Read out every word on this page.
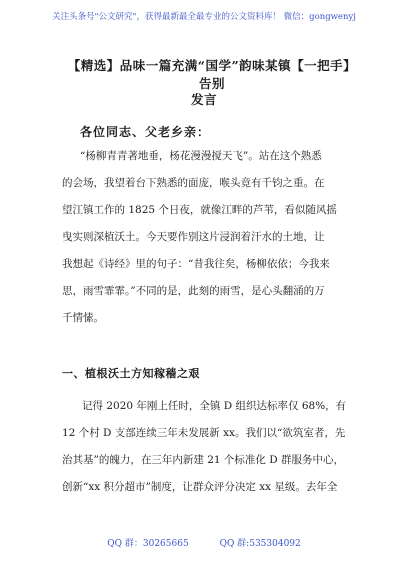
关注头条号"公文研究"，获得最新最全最专业的公文资料库！ 微信：gongwenyj
【精选】品味一篇充满“国学”韵味某镇【一把手】告别
发言
各位同志、父老乡亲：

“杨柳青青著地垂，杨花漫漫搅天飞”。站在这个熟悉

的会场，我望着台下熟悉的面庞，喉头竟有千钧之重。在

望江镇工作的 1825 个日夜，就像江畔的芦苇，看似随风摇

曳实则深植沃土。今天要作别这片浸润着汗水的土地，让

我想起《诗经》里的句子：“昔我往矣，杨柳依依；今我来

思，雨雪霏霏。”不同的是，此刻的雨雪，是心头翻涌的万

千情愫。

一、植根沃土方知稼穑之艰

记得 2020 年刚上任时，全镇 D 组织达标率仅 68%，有

12 个村 D 支部连续三年未发展新 xx。我们以“欲筑室者，先

治其基”的魄力，在三年内新建 21 个标准化 D 群服务中心，

创新“xx 积分超市”制度，让群众评分决定 xx 星级。去年全

QQ 群：30265665	QQ 群:535304092
